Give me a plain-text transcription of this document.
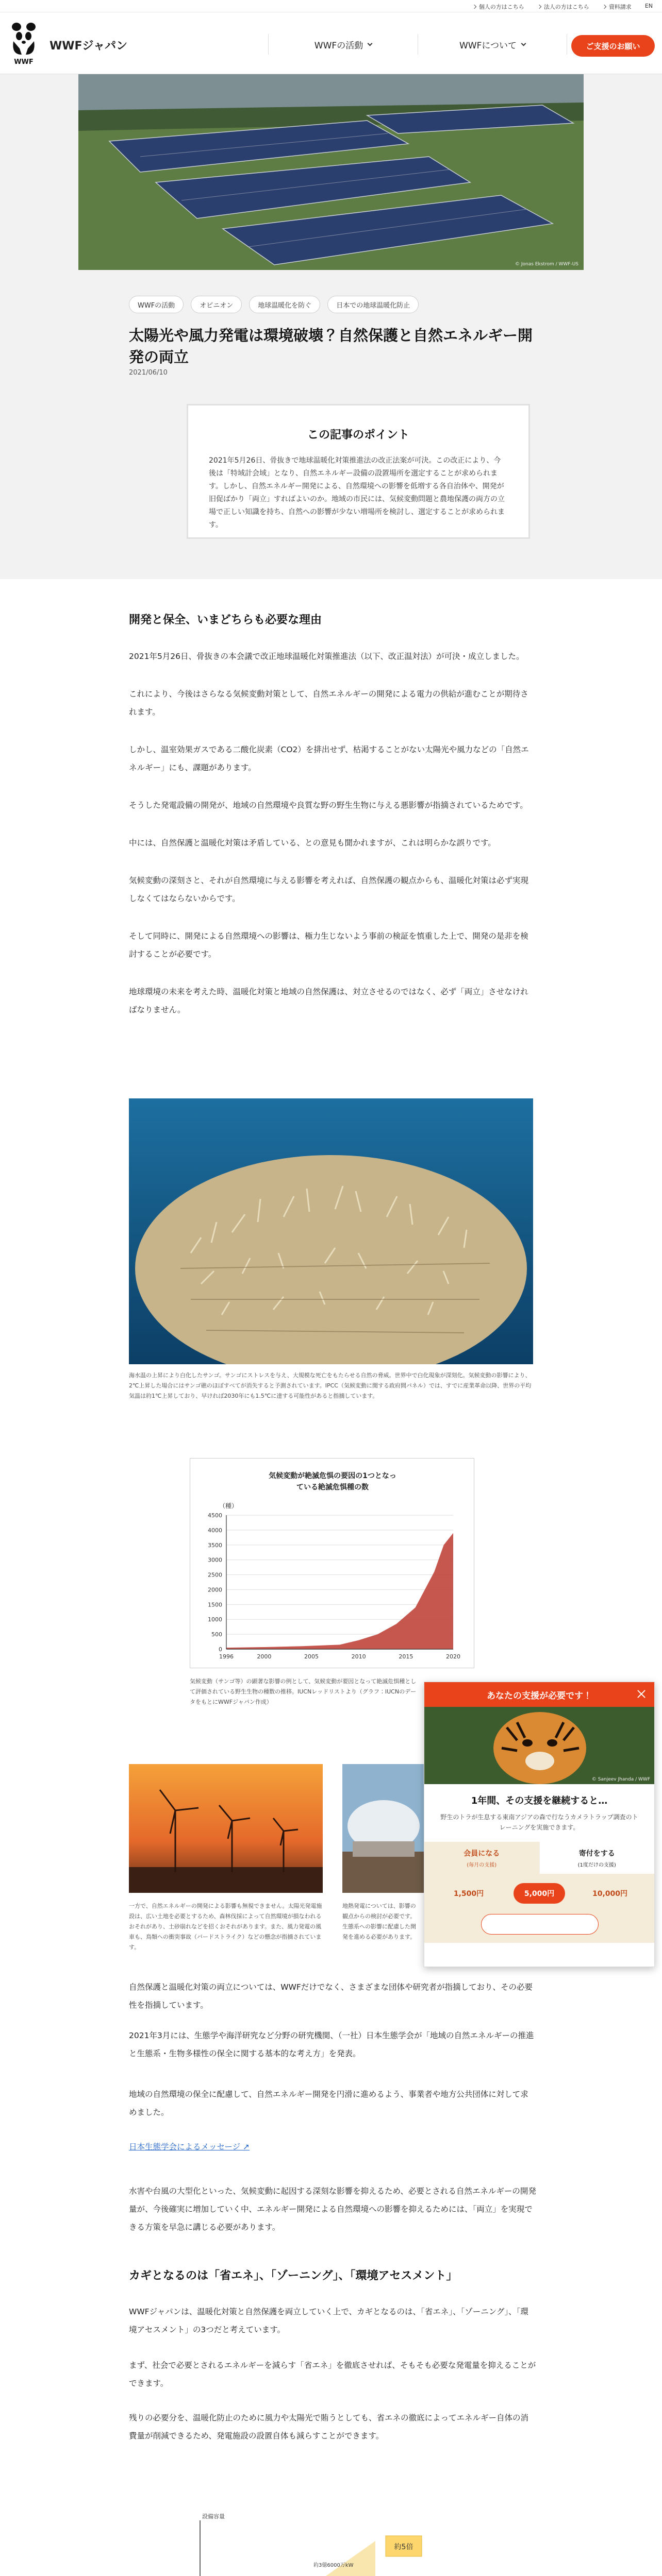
個人の方はこちら	法人の方はこちら	資料請求 EN
WWF
WWFジャパン	WWFの活動	WWFについて	ご支援のお願い
© Jonas Ekstrom / WWF-US
WWFの活動	オピニオン	地球温暖化を防ぐ	日本での地球温暖化防止
太陽光や風力発電は環境破壊？自然保護と自然エネルギー開発の両立
2021/06/10
この記事のポイント

2021年5月26日、骨抜きで地球温暖化対策推進法の改正法案が可決。この改正により、今後は「特域計会域」となり、自然エネルギー設備の設置場所を選定することが求められます。しかし、自然エネルギー開発による、自然環境への影響を低増する各自治体や、開発が旧促ばかり「両立」すればよいのか。地域の市民には、気候変動問題と農地保護の両方の立場で正しい知識を持ち、自然への影響が少ない増場所を検討し、選定することが求められます。

開発と保全、いまどちらも必要な理由

2021年5月26日、骨抜きの本会議で改正地球温暖化対策推進法（以下、改正温対法）が可決・成立しました。

これにより、今後はさらなる気候変動対策として、自然エネルギーの開発による電力の供給が進むことが期待されます。

しかし、温室効果ガスである二酸化炭素（CO2）を排出せず、枯渇することがない太陽光や風力などの「自然エネルギー」にも、課題があります。

そうした発電設備の開発が、地域の自然環境や良質な野の野生生物に与える悪影響が指摘されているためです。

中には、自然保護と温暖化対策は矛盾している、との意見も聞かれますが、これは明らかな誤りです。

気候変動の深刻さと、それが自然環境に与える影響を考えれば、自然保護の観点からも、温暖化対策は必ず実現しなくてはならないからです。

そして同時に、開発による自然環境への影響は、極力生じないよう事前の検証を慎重した上で、開発の是非を検討することが必要です。

地球環境の未来を考えた時、温暖化対策と地域の自然保護は、対立させるのではなく、必ず「両立」させなければなりません。

海水温の上昇により白化したサンゴ。サンゴにストレスを与え、大規模な死亡をもたらせる自然の脅威。世界中で白化現象が深刻化。気候変動の影響により、2℃上昇した場合にはサンゴ礁のほぼすべてが消失すると予測されています。IPCC（気候変動に関する政府間パネル）では、すでに産業革命以降、世界の平均気温は約1℃上昇しており、早ければ2030年にも1.5℃に達する可能性があると指摘しています。

気候変動が絶滅危惧の要因の1つとなっ
ている絶滅危惧種の数
（種）
0
500
1000
1500
2000
2500
3000
3500
4000
4500
1996	2000	2005	2010	2015	2020

気候変動（サンゴ等）の顕著な影響の例として、気候変動が要因となって絶滅危惧種として評価されている野生生物の種数の推移。IUCNレッドリストより（グラフ：IUCNのデータをもとにWWFジャパン作成）

一方で、自然エネルギーの開発による影響も無視できません。太陽光発電施設は、広い土地を必要とするため、森林伐採によって自然環境が損なわれるおそれがあり、土砂崩れなどを招くおそれがあります。また、風力発電の風車も、鳥類への衝突事故（バードストライク）などの懸念が指摘されています。

地熱発電については、影響の観点からの検討が必要です。生態系への影響に配慮した開発を進める必要があります。

あなたの支援が必要です！
© Sanjeev Jhanda / WWF
1年間、その支援を継続すると…
野生のトラが生息する東南アジアの森で行なうカメラトラップ調査のトレーニングを実施できます。
会員になる
(毎月の支援)
寄付をする
(1度だけの支援)
1,500円	5,000円	10,000円

自然保護と温暖化対策の両立については、WWFだけでなく、さまざまな団体や研究者が指摘しており、その必要性を指摘しています。

2021年3月には、生態学や海洋研究など分野の研究機関、（一社）日本生態学会が「地域の自然エネルギーの推進と生態系・生物多様性の保全に関する基本的な考え方」を発表。

地域の自然環境の保全に配慮して、自然エネルギー開発を円滑に進めるよう、事業者や地方公共団体に対して求めました。

日本生態学会によるメッセージ ↗

水害や台風の大型化といった、気候変動に起因する深刻な影響を抑えるため、必要とされる自然エネルギーの開発量が、今後確実に増加していく中、エネルギー開発による自然環境への影響を抑えるためには、「両立」を実現できる方策を早急に講じる必要があります。

カギとなるのは「省エネ」、「ゾーニング」、「環境アセスメント」

WWFジャパンは、温暖化対策と自然保護を両立していく上で、カギとなるのは、「省エネ」、「ゾーニング」、「環境アセスメント」の3つだと考えています。

まず、社会で必要とされるエネルギーを減らす「省エネ」を徹底させれば、そもそも必要な発電量を抑えることができます。

残りの必要分を、温暖化防止のために風力や太陽光で賄うとしても、省エネの徹底によってエネルギー自体の消費量が削減できるため、発電施設の設置自体も減らすことができます。

設備容量
約5倍
約3億6000万kW
